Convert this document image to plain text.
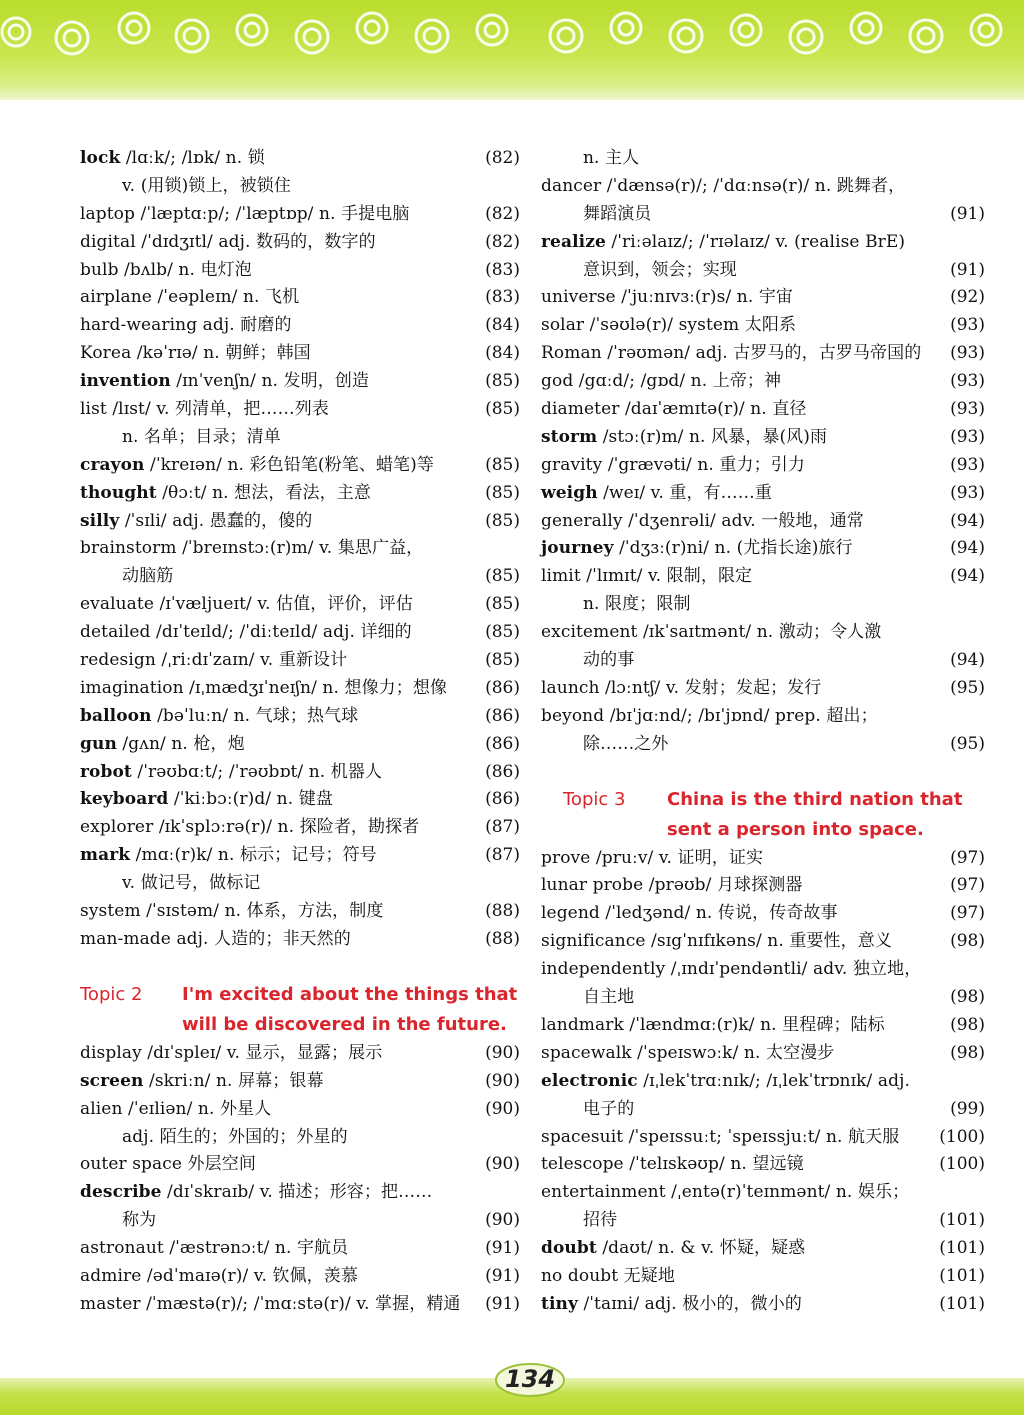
lock /lɑːk/; /lɒk/ n. 锁	(82)
v. (用锁)锁上，被锁住
laptop /ˈlæptɑːp/; /ˈlæptɒp/ n. 手提电脑	(82)
digital /ˈdɪdʒɪtl/ adj. 数码的，数字的	(82)
bulb /bʌlb/ n. 电灯泡	(83)
airplane /ˈeəpleɪn/ n. 飞机	(83)
hard-wearing adj. 耐磨的	(84)
Korea /kəˈrɪə/ n. 朝鲜；韩国	(84)
invention /ɪnˈvenʃn/ n. 发明，创造	(85)
list /lɪst/ v. 列清单，把……列表	(85)
n. 名单；目录；清单
crayon /ˈkreɪən/ n. 彩色铅笔(粉笔、蜡笔)等	(85)
thought /θɔːt/ n. 想法，看法，主意	(85)
silly /ˈsɪli/ adj. 愚蠢的，傻的	(85)
brainstorm /ˈbreɪnstɔː(r)m/ v. 集思广益，
动脑筋	(85)
evaluate /ɪˈvæljueɪt/ v. 估值，评价，评估	(85)
detailed /dɪˈteɪld/; /ˈdiːteɪld/ adj. 详细的	(85)
redesign /ˌriːdɪˈzaɪn/ v. 重新设计	(85)
imagination /ɪˌmædʒɪˈneɪʃn/ n. 想像力；想像 (86)
balloon /bəˈluːn/ n. 气球；热气球	(86)
gun /gʌn/ n. 枪，炮	(86)
robot /ˈrəʊbɑːt/; /ˈrəʊbɒt/ n. 机器人	(86)
keyboard /ˈkiːbɔː(r)d/ n. 键盘	(86)
explorer /ɪkˈsplɔːrə(r)/ n. 探险者，勘探者	(87)
mark /mɑː(r)k/ n. 标示；记号；符号	(87)
v. 做记号，做标记
system /ˈsɪstəm/ n. 体系，方法，制度	(88)
man-made adj. 人造的；非天然的	(88)
Topic 2	I'm excited about the things that
will be discovered in the future.
display /dɪˈspleɪ/ v. 显示，显露；展示	(90)
screen /skriːn/ n. 屏幕；银幕	(90)
alien /ˈeɪliən/ n. 外星人	(90)
adj. 陌生的；外国的；外星的
outer space 外层空间	(90)
describe /dɪˈskraɪb/ v. 描述；形容；把……
称为	(90)
astronaut /ˈæstrənɔːt/ n. 宇航员	(91)
admire /ədˈmaɪə(r)/ v. 钦佩，羡慕	(91)
master /ˈmæstə(r)/; /ˈmɑːstə(r)/ v. 掌握，精通 (91)
n. 主人
dancer /ˈdænsə(r)/; /ˈdɑːnsə(r)/ n. 跳舞者，
舞蹈演员	(91)
realize /ˈriːəlaɪz/; /ˈrɪəlaɪz/ v. (realise BrE)
意识到，领会；实现	(91)
universe /ˈjuːnɪvɜː(r)s/ n. 宇宙	(92)
solar /ˈsəʊlə(r)/ system 太阳系	(93)
Roman /ˈrəʊmən/ adj. 古罗马的，古罗马帝国的 (93)
god /gɑːd/; /gɒd/ n. 上帝；神	(93)
diameter /daɪˈæmɪtə(r)/ n. 直径	(93)
storm /stɔː(r)m/ n. 风暴，暴(风)雨	(93)
gravity /ˈgrævəti/ n. 重力；引力	(93)
weigh /weɪ/ v. 重，有……重	(93)
generally /ˈdʒenrəli/ adv. 一般地，通常	(94)
journey /ˈdʒɜː(r)ni/ n. (尤指长途)旅行	(94)
limit /ˈlɪmɪt/ v. 限制，限定	(94)
n. 限度；限制
excitement /ɪkˈsaɪtmənt/ n. 激动；令人激
动的事	(94)
launch /lɔːntʃ/ v. 发射；发起；发行	(95)
beyond /bɪˈjɑːnd/; /bɪˈjɒnd/ prep. 超出；
除……之外	(95)
Topic 3	China is the third nation that
sent a person into space.
prove /pruːv/ v. 证明，证实	(97)
lunar probe /prəʊb/ 月球探测器	(97)
legend /ˈledʒənd/ n. 传说，传奇故事	(97)
significance /sɪgˈnɪfɪkəns/ n. 重要性，意义	(98)
independently /ˌɪndɪˈpendəntli/ adv. 独立地，
自主地	(98)
landmark /ˈlændmɑː(r)k/ n. 里程碑；陆标	(98)
spacewalk /ˈspeɪswɔːk/ n. 太空漫步	(98)
electronic /ɪˌlekˈtrɑːnɪk/; /ɪˌlekˈtrɒnɪk/ adj.
电子的	(99)
spacesuit /ˈspeɪssuːt; ˈspeɪssjuːt/ n. 航天服 (100)
telescope /ˈtelɪskəʊp/ n. 望远镜	(100)
entertainment /ˌentə(r)ˈteɪnmənt/ n. 娱乐；
招待	(101)
doubt /daʊt/ n. & v. 怀疑，疑惑	(101)
no doubt 无疑地	(101)
tiny /ˈtaɪni/ adj. 极小的，微小的	(101)
134
